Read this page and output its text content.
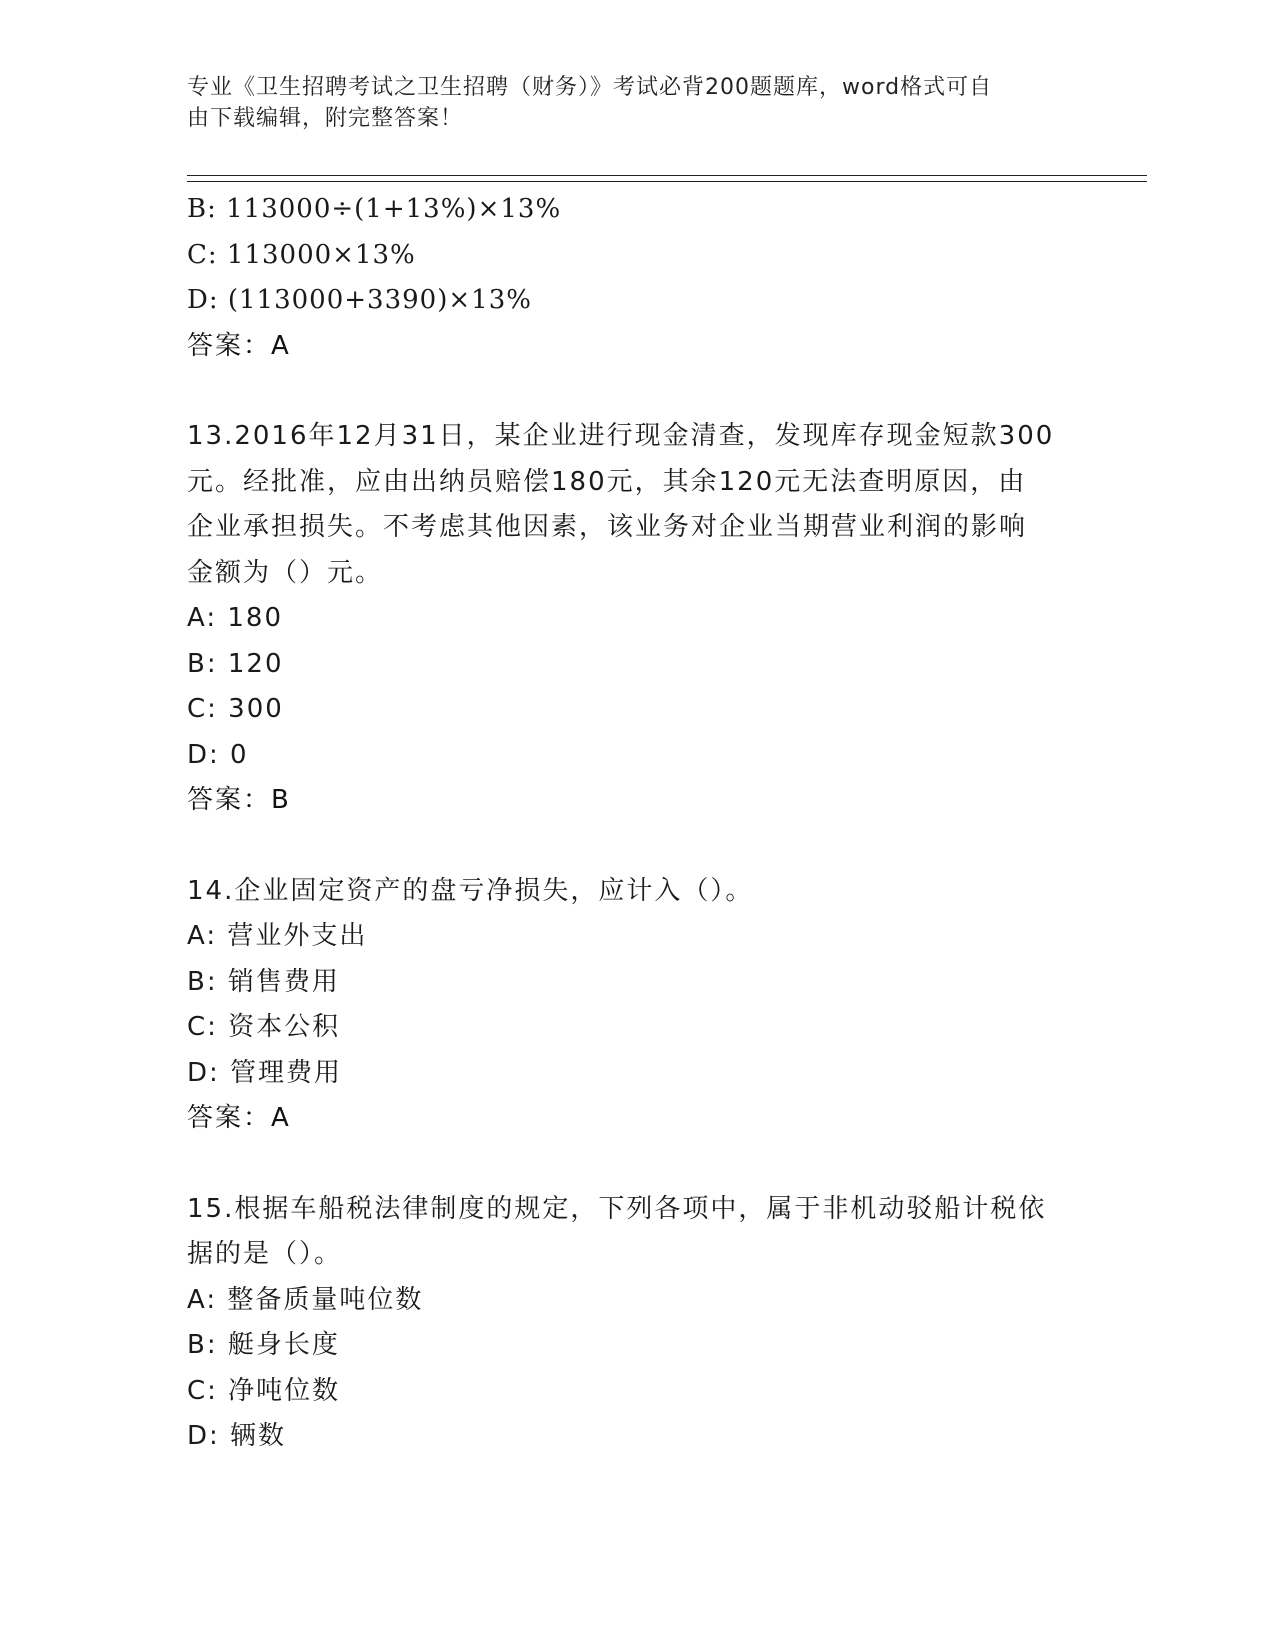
专业《卫生招聘考试之卫生招聘（财务）》考试必背200题题库，word格式可自
由下载编辑，附完整答案！
B: 113000÷(1+13%)×13%
C: 113000×13%
D: (113000+3390)×13%
答案：A
13.2016年12月31日，某企业进行现金清查，发现库存现金短款300
元。经批准，应由出纳员赔偿180元，其余120元无法查明原因，由
企业承担损失。不考虑其他因素，该业务对企业当期营业利润的影响
金额为（）元。
A: 180
B: 120
C: 300
D: 0
答案：B
14.企业固定资产的盘亏净损失，应计入（）。
A: 营业外支出
B: 销售费用
C: 资本公积
D: 管理费用
答案：A
15.根据车船税法律制度的规定，下列各项中，属于非机动驳船计税依
据的是（）。
A: 整备质量吨位数
B: 艇身长度
C: 净吨位数
D: 辆数
